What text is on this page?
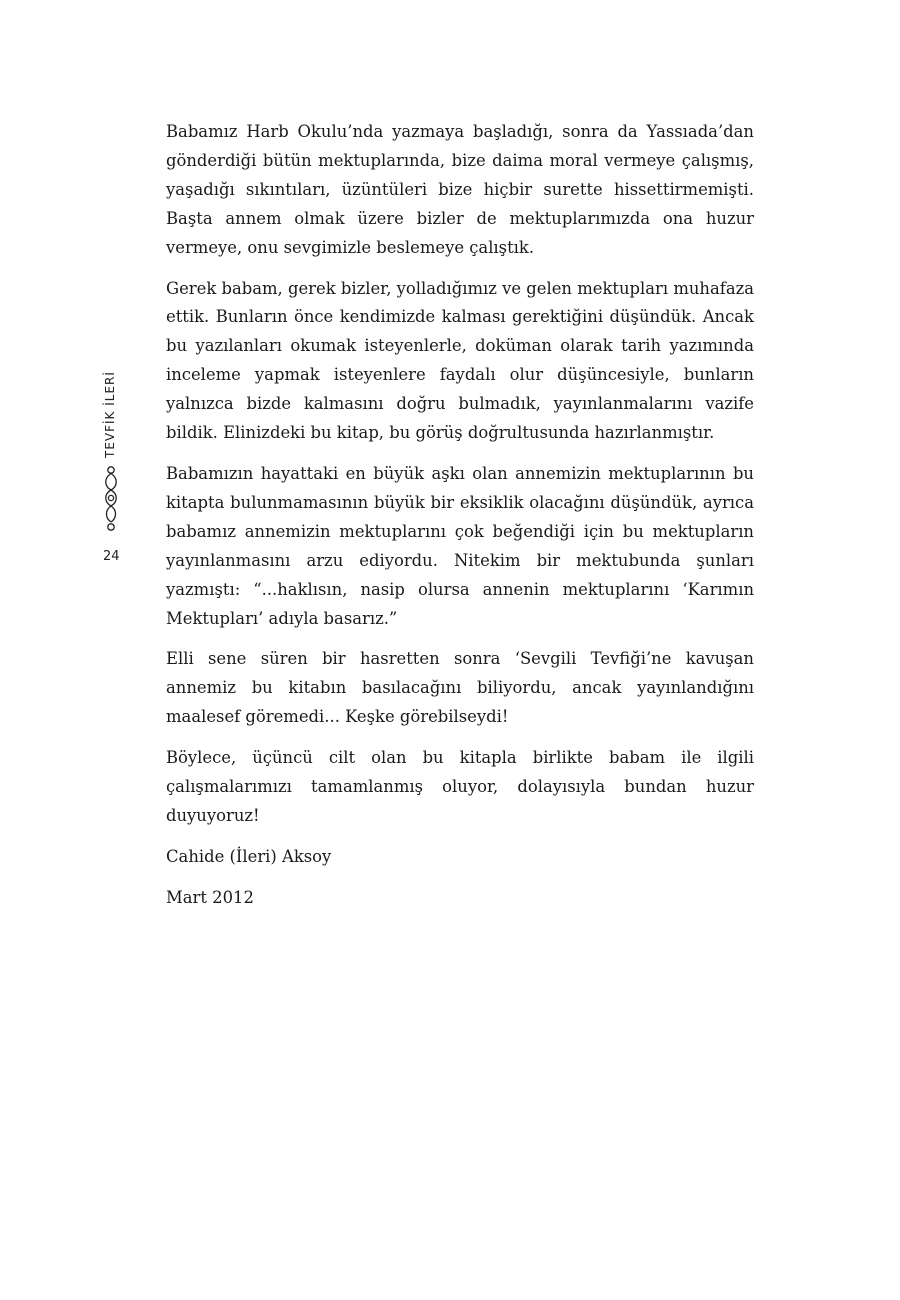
TEVFİK İLERİ
24

Babamız Harb Okulu’nda yazmaya başladığı, sonra da Yassıada’dan gönderdiği bütün mektuplarında, bize daima moral vermeye çalışmış, yaşadığı sıkıntıları, üzüntüleri bize hiçbir surette hissettirmemişti. Başta annem olmak üzere bizler de mektuplarımızda ona huzur vermeye, onu sevgimizle beslemeye çalıştık.

Gerek babam, gerek bizler, yolladığımız ve gelen mektupları muhafaza ettik. Bunların önce kendimizde kalması gerektiğini düşündük. Ancak bu yazılanları okumak isteyenlerle, doküman olarak tarih yazımında inceleme yapmak isteyenlere faydalı olur düşüncesiyle, bunların yalnızca bizde kalmasını doğru bulmadık, yayınlanmalarını vazife bildik. Elinizdeki bu kitap, bu görüş doğrultusunda hazırlanmıştır.

Babamızın hayattaki en büyük aşkı olan annemizin mektuplarının bu kitapta bulunmamasının büyük bir eksiklik olacağını düşündük, ayrıca babamız annemizin mektuplarını çok beğendiği için bu mektupların yayınlanmasını arzu ediyordu. Nitekim bir mektubunda şunları yazmıştı: “...haklısın, nasip olursa annenin mektuplarını ‘Karımın Mektupları’ adıyla basarız.”

Elli sene süren bir hasretten sonra ‘Sevgili Tevfiği’ne kavuşan annemiz bu kitabın basılacağını biliyordu, ancak yayınlandığını maalesef göremedi... Keşke görebilseydi!

Böylece, üçüncü cilt olan bu kitapla birlikte babam ile ilgili çalışmalarımızı tamamlanmış oluyor, dolayısıyla bundan huzur duyuyoruz!

Cahide (İleri) Aksoy

Mart 2012
